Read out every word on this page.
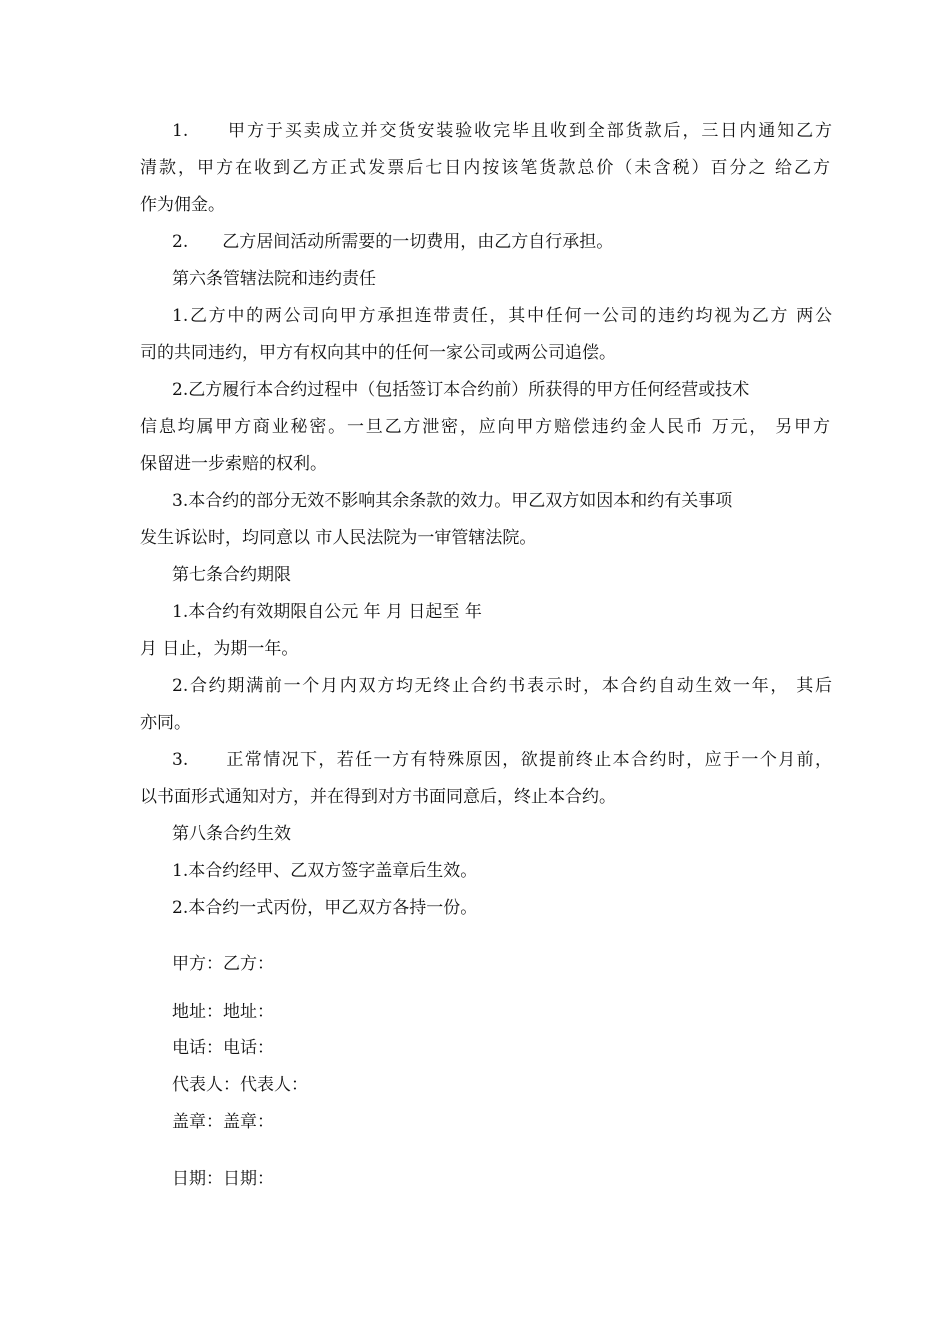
1.　　甲方于买卖成立并交货安装验收完毕且收到全部货款后，三日内通知乙方
清款，甲方在收到乙方正式发票后七日内按该笔货款总价（未含税）百分之 给乙方
作为佣金。
2.　　乙方居间活动所需要的一切费用，由乙方自行承担。
第六条管辖法院和违约责任
1.乙方中的两公司向甲方承担连带责任，其中任何一公司的违约均视为乙方 两公
司的共同违约，甲方有权向其中的任何一家公司或两公司追偿。
2.乙方履行本合约过程中（包括签订本合约前）所获得的甲方任何经营或技术
信息均属甲方商业秘密。一旦乙方泄密，应向甲方赔偿违约金人民币 万元， 另甲方
保留进一步索赔的权利。
3.本合约的部分无效不影响其余条款的效力。甲乙双方如因本和约有关事项
发生诉讼时，均同意以 市人民法院为一审管辖法院。
第七条合约期限
1.本合约有效期限自公元 年 月 日起至 年
月 日止，为期一年。
2.合约期满前一个月内双方均无终止合约书表示时，本合约自动生效一年， 其后
亦同。
3.　　正常情况下，若任一方有特殊原因，欲提前终止本合约时，应于一个月前，
以书面形式通知对方，并在得到对方书面同意后，终止本合约。
第八条合约生效
1.本合约经甲、乙双方签字盖章后生效。
2.本合约一式丙份，甲乙双方各持一份。
甲方：乙方：
地址：地址：
电话：电话：
代表人：代表人：
盖章：盖章：
日期：日期：
